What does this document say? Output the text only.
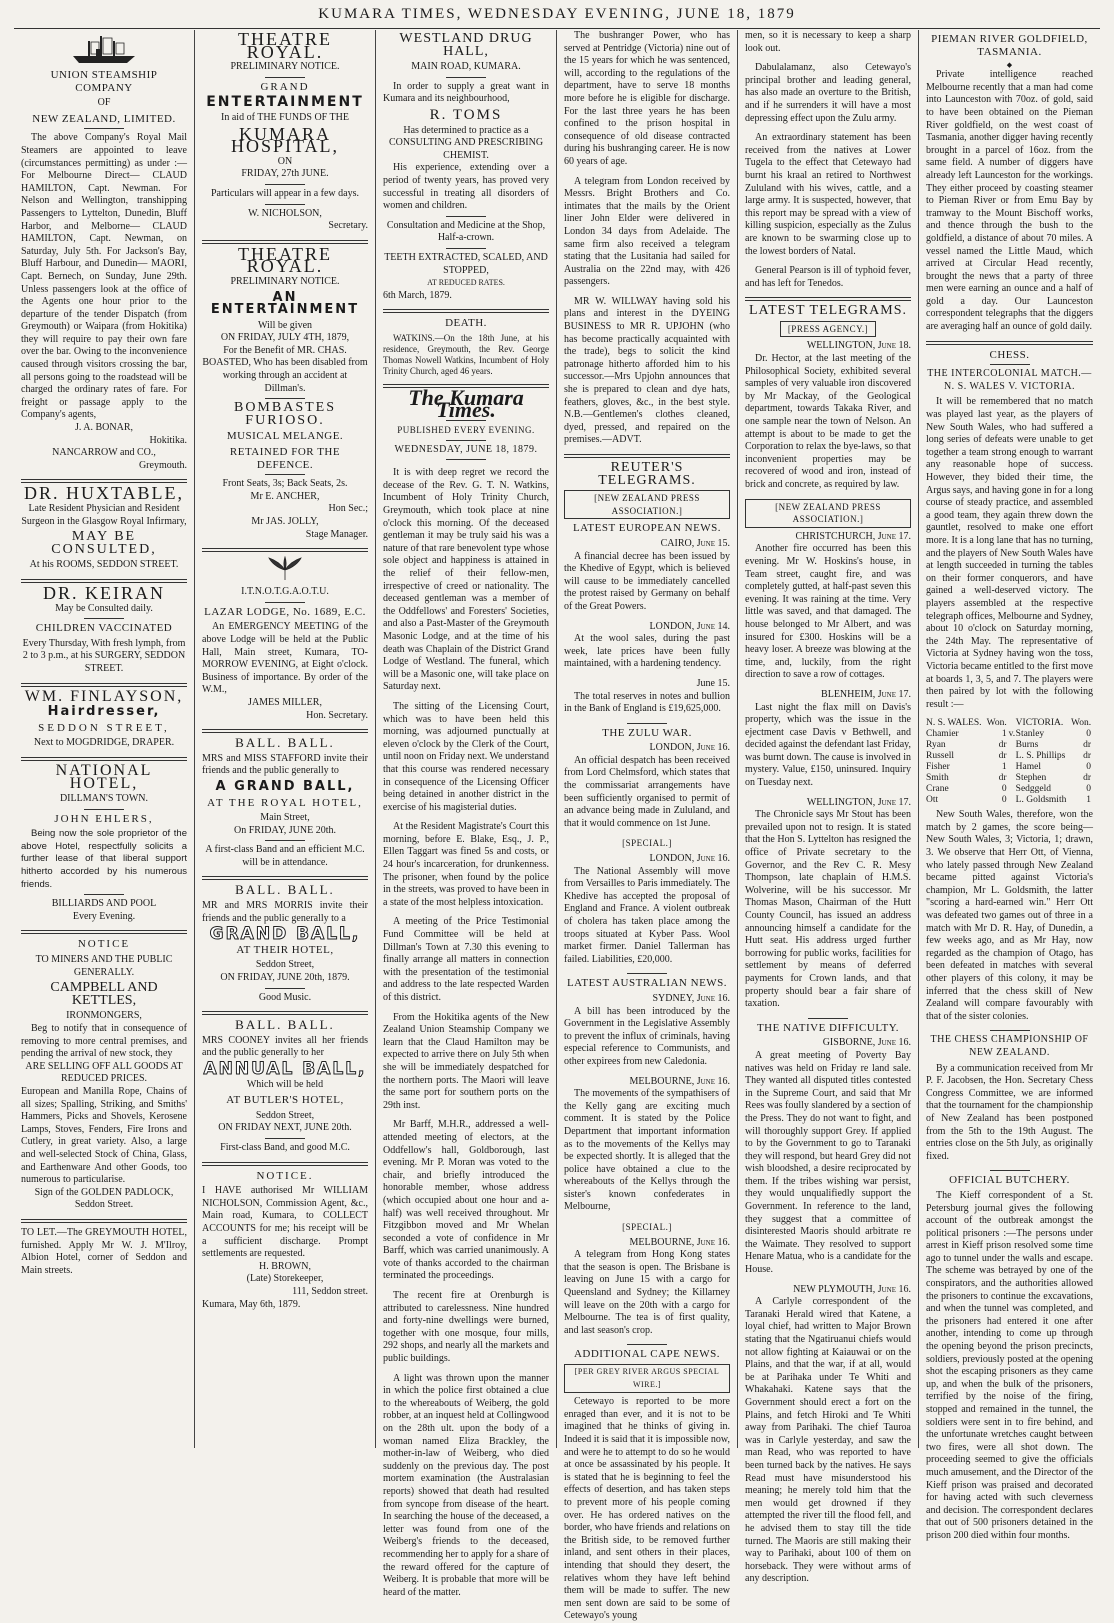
KUMARA TIMES, WEDNESDAY EVENING, JUNE 18, 1879
UNION STEAMSHIP COMPANY
OF
NEW ZEALAND, LIMITED.
The above Company's Royal Mail Steamers are appointed to leave (circumstances permitting) as under :— For Melbourne Direct— CLAUD HAMILTON, Capt. Newman. For Nelson and Wellington, transhipping Passengers to Lyttelton, Dunedin, Bluff Harbor, and Melborne— CLAUD HAMILTON, Capt. Newman, on Saturday, July 5th. For Jackson's Bay, Bluff Harbour, and Dunedin— MAORI, Capt. Bernech, on Sunday, June 29th. Unless passengers look at the office of the Agents one hour prior to the departure of the tender Dispatch (from Greymouth) or Waipara (from Hokitika) they will require to pay their own fare over the bar. Owing to the inconvenience caused through visitors crossing the bar, all persons going to the roadstead will be charged the ordinary rates of fare. For freight or passage apply to the Company's agents,
J. A. BONAR,
Hokitika.
NANCARROW and CO.,
Greymouth.
DR. HUXTABLE,
Late Resident Physician and Resident Surgeon in the Glasgow Royal Infirmary,
MAY BE CONSULTED,
At his ROOMS, SEDDON STREET.
DR. KEIRAN
May be Consulted daily.
CHILDREN VACCINATED
Every Thursday, With fresh lymph, from 2 to 3 p.m., at his SURGERY, SEDDON STREET.
WM. FINLAYSON,
Hairdresser,
SEDDON STREET,
Next to MOGDRIDGE, DRAPER.
NATIONAL HOTEL,
DILLMAN'S TOWN.
JOHN EHLERS,
Being now the sole proprietor of the above Hotel, respectfully solicits a further lease of that liberal support hitherto accorded by his numerous friends.
BILLIARDS AND POOL
Every Evening.
NOTICE
TO MINERS AND THE PUBLIC GENERALLY.
CAMPBELL AND KETTLES,
IRONMONGERS,
Beg to notify that in consequence of removing to more central premises, and pending the arrival of new stock, they
ARE SELLING OFF ALL GOODS AT REDUCED PRICES.
European and Manilla Rope, Chains of all sizes; Spalling, Striking, and Smiths' Hammers, Picks and Shovels, Kerosene Lamps, Stoves, Fenders, Fire Irons and Cutlery, in great variety. Also, a large and well-selected Stock of China, Glass, and Earthenware And other Goods, too numerous to particularise.
Sign of the GOLDEN PADLOCK, Seddon Street.
TO LET.—The GREYMOUTH HOTEL, furnished. Apply Mr W. J. M'Ilroy, Albion Hotel, corner of Seddon and Main streets.
THEATRE ROYAL.
PRELIMINARY NOTICE.
GRAND
ENTERTAINMENT
In aid of THE FUNDS OF THE
KUMARA HOSPITAL,
ON
FRIDAY, 27th JUNE.
Particulars will appear in a few days.
W. NICHOLSON,
Secretary.
THEATRE ROYAL.
PRELIMINARY NOTICE.
AN ENTERTAINMENT
Will be given
ON FRIDAY, JULY 4TH, 1879,
For the Benefit of MR. CHAS. BOASTED, Who has been disabled from working through an accident at Dillman's.
BOMBASTES FURIOSO.
MUSICAL MELANGE.
RETAINED FOR THE DEFENCE.
Front Seats, 3s; Back Seats, 2s.
Mr E. ANCHER,
Hon Sec.;
Mr JAS. JOLLY,
Stage Manager.
I.T.N.O.T.G.A.O.T.U.
LAZAR LODGE, No. 1689, E.C.
An EMERGENCY MEETING of the above Lodge will be held at the Public Hall, Main street, Kumara, TO-MORROW EVENING, at Eight o'clock. Business of importance. By order of the W.M.,
JAMES MILLER,
Hon. Secretary.
BALL. BALL.
MRS and MISS STAFFORD invite their friends and the public generally to
A GRAND BALL,
AT THE ROYAL HOTEL,
Main Street,
On FRIDAY, JUNE 20th.
A first-class Band and an efficient M.C. will be in attendance.
BALL. BALL.
MR and MRS MORRIS invite their friends and the public generally to a
GRAND BALL,
AT THEIR HOTEL,
Seddon Street,
ON FRIDAY, JUNE 20th, 1879.
Good Music.
BALL. BALL.
MRS COONEY invites all her friends and the public generally to her
ANNUAL BALL,
Which will be held
AT BUTLER'S HOTEL,
Seddon Street,
ON FRIDAY NEXT, JUNE 20th.
First-class Band, and good M.C.
NOTICE.
I HAVE authorised Mr WILLIAM NICHOLSON, Commission Agent, &c., Main road, Kumara, to COLLECT ACCOUNTS for me; his receipt will be a sufficient discharge. Prompt settlements are requested.
H. BROWN,
(Late) Storekeeper,
111, Seddon street.
Kumara, May 6th, 1879.
WESTLAND DRUG HALL,
MAIN ROAD, KUMARA.
In order to supply a great want in Kumara and its neighbourhood,
R. TOMS
Has determined to practice as a
CONSULTING AND PRESCRIBING CHEMIST.
His experience, extending over a period of twenty years, has proved very successful in treating all disorders of women and children.
Consultation and Medicine at the Shop, Half-a-crown.
TEETH EXTRACTED, SCALED, AND STOPPED,
AT REDUCED RATES.
6th March, 1879.
DEATH.
WATKINS.—On the 18th June, at his residence, Greymouth, the Rev. George Thomas Nowell Watkins, Incumbent of Holy Trinity Church, aged 46 years.
The Kumara Times.
PUBLISHED EVERY EVENING.
WEDNESDAY, JUNE 18, 1879.
It is with deep regret we record the decease of the Rev. G. T. N. Watkins, Incumbent of Holy Trinity Church, Greymouth, which took place at nine o'clock this morning. Of the deceased gentleman it may be truly said his was a nature of that rare benevolent type whose sole object and happiness is attained in the relief of their fellow-men, irrespective of creed or nationality. The deceased gentleman was a member of the Oddfellows' and Foresters' Societies, and also a Past-Master of the Greymouth Masonic Lodge, and at the time of his death was Chaplain of the District Grand Lodge of Westland. The funeral, which will be a Masonic one, will take place on Saturday next.
The sitting of the Licensing Court, which was to have been held this morning, was adjourned punctually at eleven o'clock by the Clerk of the Court, until noon on Friday next. We understand that this course was rendered necessary in consequence of the Licensing Officer being detained in another district in the exercise of his magisterial duties.
At the Resident Magistrate's Court this morning, before E. Blake, Esq., J. P., Ellen Taggart was fined 5s and costs, or 24 hour's incarceration, for drunkenness. The prisoner, when found by the police in the streets, was proved to have been in a state of the most helpless intoxication.
A meeting of the Price Testimonial Fund Committee will be held at Dillman's Town at 7.30 this evening to finally arrange all matters in connection with the presentation of the testimonial and address to the late respected Warden of this district.
From the Hokitika agents of the New Zealand Union Steamship Company we learn that the Claud Hamilton may be expected to arrive there on July 5th when she will be immediately despatched for the northern ports. The Maori will leave the same port for southern ports on the 29th inst.
Mr Barff, M.H.R., addressed a well-attended meeting of electors, at the Oddfellow's hall, Goldborough, last evening. Mr P. Moran was voted to the chair, and briefly introduced the honorable member, whose address (which occupied about one hour and a-half) was well received throughout. Mr Fitzgibbon moved and Mr Whelan seconded a vote of confidence in Mr Barff, which was carried unanimously. A vote of thanks accorded to the chairman terminated the proceedings.
The recent fire at Orenburgh is attributed to carelessness. Nine hundred and forty-nine dwellings were burned, together with one mosque, four mills, 292 shops, and nearly all the markets and public buildings.
A light was thrown upon the manner in which the police first obtained a clue to the whereabouts of Weiberg, the gold robber, at an inquest held at Collingwood on the 28th ult. upon the body of a woman named Eliza Brackley, the mother-in-law of Weiberg, who died suddenly on the previous day. The post mortem examination (the Australasian reports) showed that death had resulted from syncope from disease of the heart. In searching the house of the deceased, a letter was found from one of the Weiberg's friends to the deceased, recommending her to apply for a share of the reward offered for the capture of Weiberg. It is probable that more will be heard of the matter.
The bushranger Power, who has served at Pentridge (Victoria) nine out of the 15 years for which he was sentenced, will, according to the regulations of the department, have to serve 18 months more before he is eligible for discharge. For the last three years he has been confined to the prison hospital in consequence of old disease contracted during his bushranging career. He is now 60 years of age.
A telegram from London received by Messrs. Bright Brothers and Co. intimates that the mails by the Orient liner John Elder were delivered in London 34 days from Adelaide. The same firm also received a telegram stating that the Lusitania had sailed for Australia on the 22nd may, with 426 passengers.
MR W. WILLWAY having sold his plans and interest in the DYEING BUSINESS to MR R. UPJOHN (who has become practically acquainted with the trade), begs to solicit the kind patronage hitherto afforded him to his successor.—Mrs Upjohn announces that she is prepared to clean and dye hats, feathers, gloves, &c., in the best style. N.B.—Gentlemen's clothes cleaned, dyed, pressed, and repaired on the premises.—ADVT.
REUTER'S TELEGRAMS.
[NEW ZEALAND PRESS ASSOCIATION.]
LATEST EUROPEAN NEWS.
CAIRO, June 15.
A financial decree has been issued by the Khedive of Egypt, which is believed will cause to be immediately cancelled the protest raised by Germany on behalf of the Great Powers.
LONDON, June 14.
At the wool sales, during the past week, late prices have been fully maintained, with a hardening tendency.
June 15.
The total reserves in notes and bullion in the Bank of England is £19,625,000.
THE ZULU WAR.
LONDON, June 16.
An official despatch has been received from Lord Chelmsford, which states that the commissariat arrangements have been sufficiently organised to permit of an advance being made in Zululand, and that it would commence on 1st June.
[SPECIAL.]
LONDON, June 16.
The National Assembly will move from Versailles to Paris immediately. The Khedive has accepted the proposal of England and France. A violent outbreak of cholera has taken place among the troops situated at Kyber Pass. Wool market firmer. Daniel Tallerman has failed. Liabilities, £20,000.
LATEST AUSTRALIAN NEWS.
SYDNEY, June 16.
A bill has been introduced by the Government in the Legislative Assembly to prevent the influx of criminals, having especial reference to Communists, and other expirees from new Caledonia.
MELBOURNE, June 16.
The movements of the sympathisers of the Kelly gang are exciting much comment. It is stated by the Police Department that important information as to the movements of the Kellys may be expected shortly. It is alleged that the police have obtained a clue to the whereabouts of the Kellys through the sister's known confederates in Melbourne,
[SPECIAL.]
MELBOURNE, June 16.
A telegram from Hong Kong states that the season is open. The Brisbane is leaving on June 15 with a cargo for Queensland and Sydney; the Killarney will leave on the 20th with a cargo for Melbourne. The tea is of first quality, and last season's crop.
ADDITIONAL CAPE NEWS.
[PER GREY RIVER ARGUS SPECIAL WIRE.]
Cetewayo is reported to be more enraged than ever, and it is not to be imagined that he thinks of giving in. Indeed it is said that it is impossible now, and were he to attempt to do so he would at once be assassinated by his people. It is stated that he is beginning to feel the effects of desertion, and has taken steps to prevent more of his people coming over. He has ordered natives on the border, who have friends and relations on the British side, to be removed further inland, and sent others in their places, intending that should they desert, the relatives whom they have left behind them will be made to suffer. The new men sent down are said to be some of Cetewayo's young
men, so it is necessary to keep a sharp look out.
Dabulalamanz, also Cetewayo's principal brother and leading general, has also made an overture to the British, and if he surrenders it will have a most depressing effect upon the Zulu army.
An extraordinary statement has been received from the natives at Lower Tugela to the effect that Cetewayo had burnt his kraal an retired to Northwest Zululand with his wives, cattle, and a large army. It is suspected, however, that this report may be spread with a view of killing suspicion, especially as the Zulus are known to be swarming close up to the lowest borders of Natal.
General Pearson is ill of typhoid fever, and has left for Tenedos.
LATEST TELEGRAMS.
[PRESS AGENCY.]
WELLINGTON, June 18.
Dr. Hector, at the last meeting of the Philosophical Society, exhibited several samples of very valuable iron discovered by Mr Mackay, of the Geological department, towards Takaka River, and one sample near the town of Nelson. An attempt is about to be made to get the Corporation to relax the bye-laws, so that inconvenient properties may be recovered of wood and iron, instead of brick and concrete, as required by law.
[NEW ZEALAND PRESS ASSOCIATION.]
CHRISTCHURCH, June 17.
Another fire occurred has been this evening. Mr W. Hoskins's house, in Team street, caught fire, and was completely gutted, at half-past seven this evening. It was raining at the time. Very little was saved, and that damaged. The house belonged to Mr Albert, and was insured for £300. Hoskins will be a heavy loser. A breeze was blowing at the time, and, luckily, from the right direction to save a row of cottages.
BLENHEIM, June 17.
Last night the flax mill on Davis's property, which was the issue in the ejectment case Davis v Bethwell, and decided against the defendant last Friday, was burnt down. The cause is involved in mystery. Value, £150, uninsured. Inquiry on Tuesday next.
WELLINGTON, June 17.
The Chronicle says Mr Stout has been prevailed upon not to resign. It is stated that the Hon S. Lyttelton has resigned the office of Private secretary to the Governor, and the Rev C. R. Mesy Thompson, late chaplain of H.M.S. Wolverine, will be his successor. Mr Thomas Mason, Chairman of the Hutt County Council, has issued an address announcing himself a candidate for the Hutt seat. His address urged further borrowing for public works, facilities for settlement by means of deferred payments for Crown lands, and that property should bear a fair share of taxation.
THE NATIVE DIFFICULTY.
GISBORNE, June 16.
A great meeting of Poverty Bay natives was held on Friday re land sale. They wanted all disputed titles contested in the Supreme Court, and said that Mr Rees was foully slandered by a section of the Press. They do not want to fight, and will thoroughly support Grey. If applied to by the Government to go to Taranaki they will respond, but heard Grey did not wish bloodshed, a desire reciprocated by them. If the tribes wishing war persist, they would unqualifiedly support the Government. In reference to the land, they suggest that a committee of disinterested Maoris should arbitrate re the Waimate. They resolved to support Henare Matua, who is a candidate for the House.
NEW PLYMOUTH, June 16.
A Carlyle correspondent of the Taranaki Herald wired that Katene, a loyal chief, had written to Major Brown stating that the Ngatiruanui chiefs would not allow fighting at Kaiauwai or on the Plains, and that the war, if at all, would be at Parihaka under Te Whiti and Whakahaki. Katene says that the Government should erect a fort on the Plains, and fetch Hiroki and Te Whiti away from Parihaki. The chief Tauroa was in Carlyle yesterday, and saw the man Read, who was reported to have been turned back by the natives. He says Read must have misunderstood his meaning; he merely told him that the men would get drowned if they attempted the river till the flood fell, and he advised them to stay till the tide turned. The Maoris are still making their way to Parihaki, about 100 of them on horseback. They were without arms of any description.
PIEMAN RIVER GOLDFIELD, TASMANIA.
◆
Private intelligence reached Melbourne recently that a man had come into Launceston with 70oz. of gold, said to have been obtained on the Pieman River goldfield, on the west coast of Tasmania, another digger having recently brought in a parcel of 16oz. from the same field. A number of diggers have already left Launceston for the workings. They either proceed by coasting steamer to Pieman River or from Emu Bay by tramway to the Mount Bischoff works, and thence through the bush to the goldfield, a distance of about 70 miles. A vessel named the Little Maud, which arrived at Circular Head recently, brought the news that a party of three men were earning an ounce and a half of gold a day. Our Launceston correspondent telegraphs that the diggers are averaging half an ounce of gold daily.
CHESS.
THE INTERCOLONIAL MATCH.— N. S. WALES V. VICTORIA.
It will be remembered that no match was played last year, as the players of New South Wales, who had suffered a long series of defeats were unable to get together a team strong enough to warrant any reasonable hope of success. However, they bided their time, the Argus says, and having gone in for a long course of steady practice, and assembled a good team, they again threw down the gauntlet, resolved to make one effort more. It is a long lane that has no turning, and the players of New South Wales have at length succeeded in turning the tables on their former conquerors, and have gained a well-deserved victory. The players assembled at the respective telegraph offices, Melbourne and Sydney, about 10 o'clock on Saturday morning, the 24th May. The representative of Victoria at Sydney having won the toss, Victoria became entitled to the first move at boards 1, 3, 5, and 7. The players were then paired by lot with the following result :—
N. S. WALES.	Won.		VICTORIA.	Won.
Chamier	1	v.	Stanley	0
Ryan	dr		Burns	dr
Russell	dr		L. S. Phillips	dr
Fisher	1		Hamel	0
Smith	dr		Stephen	dr
Crane	0		Sedggeld	0
Ott	0		L. Goldsmith	1
New South Wales, therefore, won the match by 2 games, the score being— New South Wales, 3; Victoria, 1; drawn, 3. We observe that Herr Ott, of Vienna, who lately passed through New Zealand became pitted against Victoria's champion, Mr L. Goldsmith, the latter "scoring a hard-earned win." Herr Ott was defeated two games out of three in a match with Mr D. R. Hay, of Dunedin, a few weeks ago, and as Mr Hay, now regarded as the champion of Otago, has been defeated in matches with several other players of this colony, it may be inferred that the chess skill of New Zealand will compare favourably with that of the sister colonies.
THE CHESS CHAMPIONSHIP OF NEW ZEALAND.
By a communication received from Mr P. F. Jacobsen, the Hon. Secretary Chess Congress Committee, we are informed that the tournament for the championship of New Zealand has been postponed from the 5th to the 19th August. The entries close on the 5th July, as originally fixed.
OFFICIAL BUTCHERY.
The Kieff correspondent of a St. Petersburg journal gives the following account of the outbreak amongst the political prisoners :—The persons under arrest in Kieff prison resolved some time ago to tunnel under the walls and escape. The scheme was betrayed by one of the conspirators, and the authorities allowed the prisoners to continue the excavations, and when the tunnel was completed, and the prisoners had entered it one after another, intending to come up through the opening beyond the prison precincts, soldiers, previously posted at the opening shot the escaping prisoners as they came up, and when the bulk of the prisoners, terrified by the noise of the firing, stopped and remained in the tunnel, the soldiers were sent in to fire behind, and the unfortunate wretches caught between two fires, were all shot down. The proceeding seemed to give the officials much amusement, and the Director of the Kieff prison was praised and decorated for having acted with such cleverness and decision. The correspondent declares that out of 500 prisoners detained in the prison 200 died within four months.
